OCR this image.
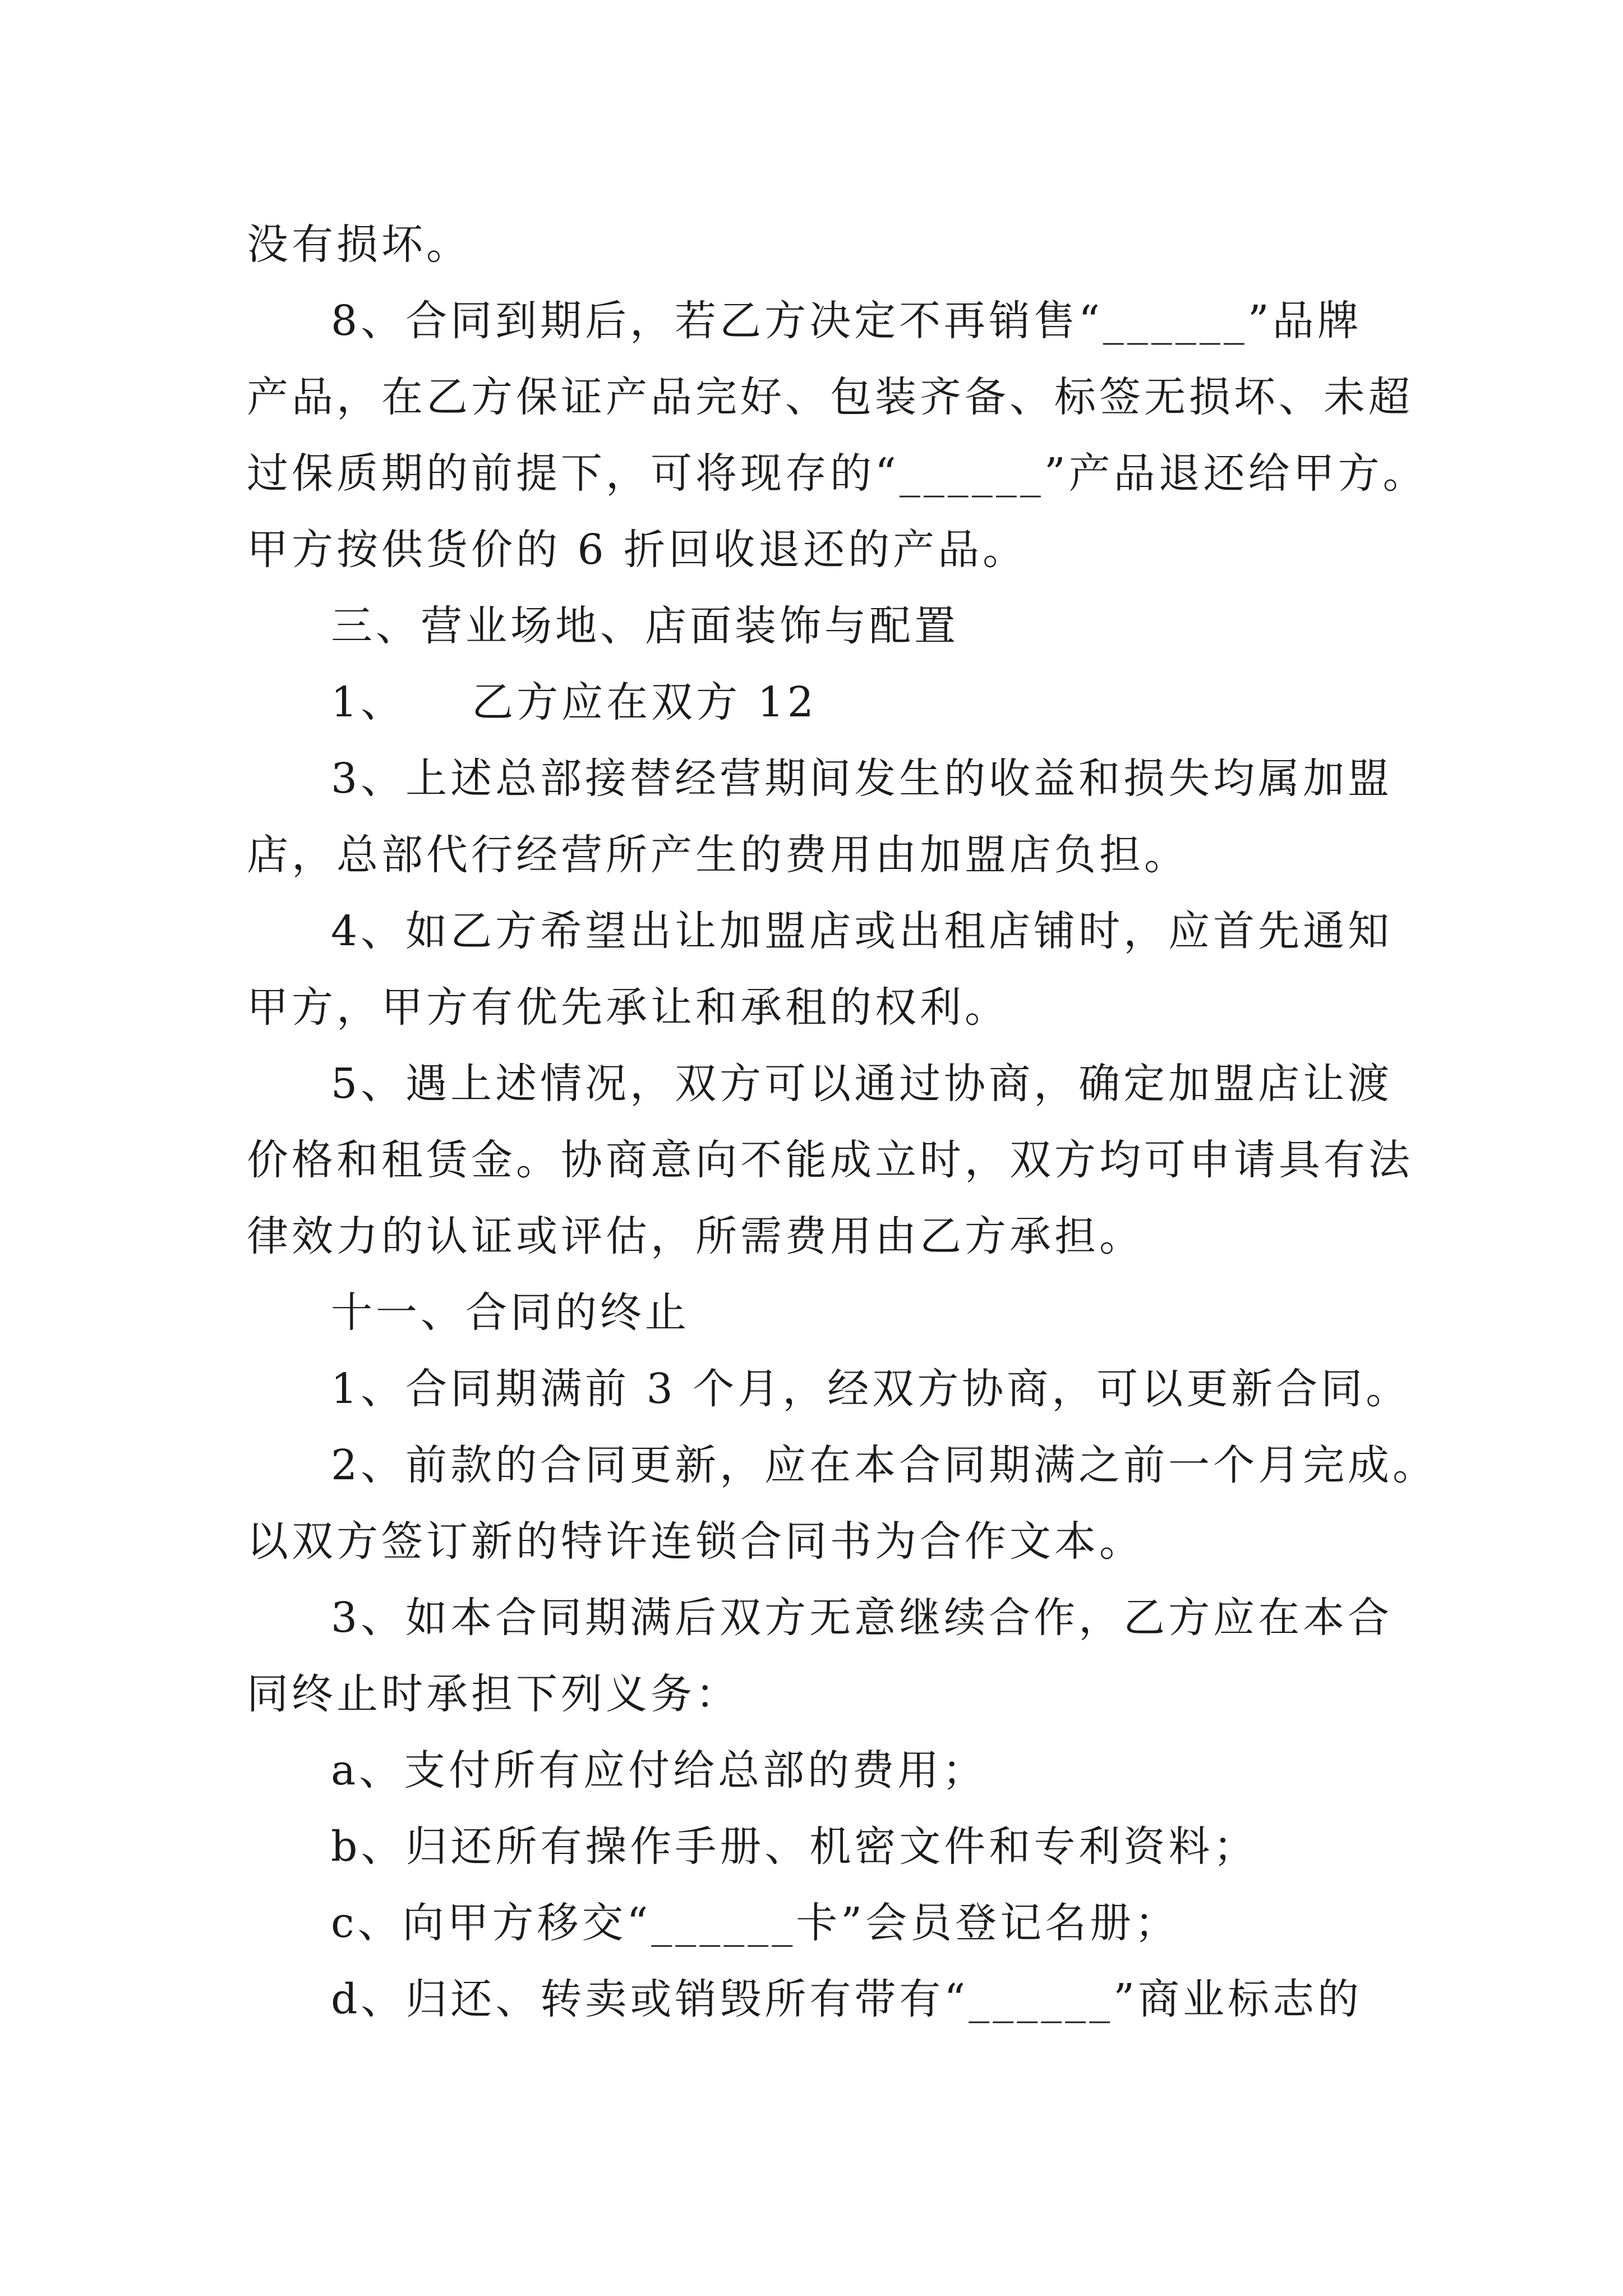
没有损坏。
8、合同到期后，若乙方决定不再销售“______”品牌
产品，在乙方保证产品完好、包装齐备、标签无损坏、未超
过保质期的前提下，可将现存的“______”产品退还给甲方。
甲方按供货价的 6 折回收退还的产品。
三、营业场地、店面装饰与配置
1、    乙方应在双方 12
3、上述总部接替经营期间发生的收益和损失均属加盟
店，总部代行经营所产生的费用由加盟店负担。
4、如乙方希望出让加盟店或出租店铺时，应首先通知
甲方，甲方有优先承让和承租的权利。
5、遇上述情况，双方可以通过协商，确定加盟店让渡
价格和租赁金。协商意向不能成立时，双方均可申请具有法
律效力的认证或评估，所需费用由乙方承担。
十一、合同的终止
1、合同期满前 3 个月，经双方协商，可以更新合同。
2、前款的合同更新，应在本合同期满之前一个月完成。
以双方签订新的特许连锁合同书为合作文本。
3、如本合同期满后双方无意继续合作，乙方应在本合
同终止时承担下列义务：
a、支付所有应付给总部的费用；
b、归还所有操作手册、机密文件和专利资料；
c、向甲方移交“______卡”会员登记名册；
d、归还、转卖或销毁所有带有“______”商业标志的
